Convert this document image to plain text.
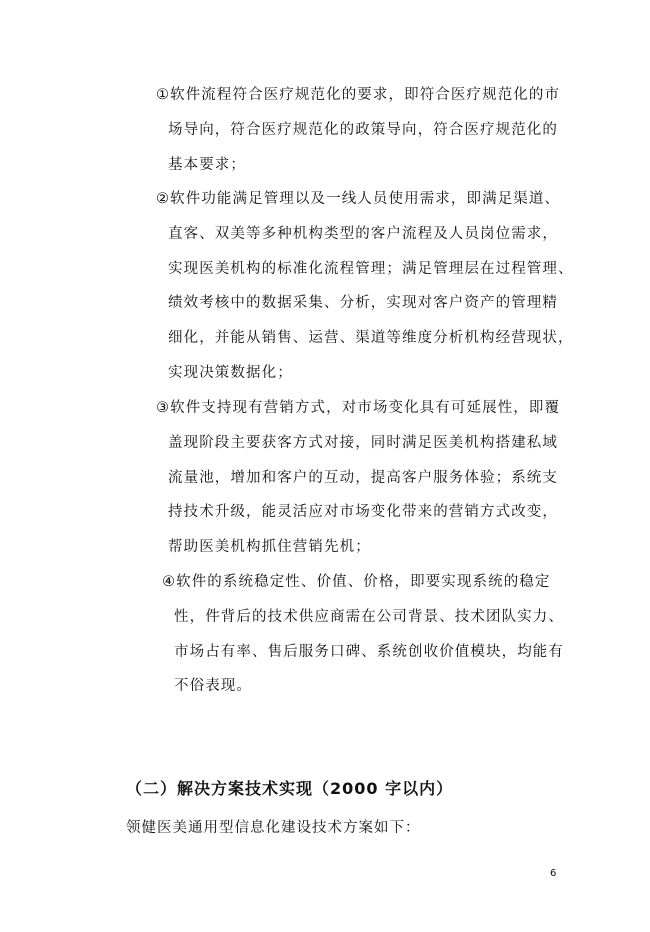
①软件流程符合医疗规范化的要求，即符合医疗规范化的市
场导向，符合医疗规范化的政策导向，符合医疗规范化的
基本要求；
②软件功能满足管理以及一线人员使用需求，即满足渠道、
直客、双美等多种机构类型的客户流程及人员岗位需求，
实现医美机构的标准化流程管理；满足管理层在过程管理、
绩效考核中的数据采集、分析，实现对客户资产的管理精
细化，并能从销售、运营、渠道等维度分析机构经营现状，
实现决策数据化；
③软件支持现有营销方式，对市场变化具有可延展性，即覆
盖现阶段主要获客方式对接，同时满足医美机构搭建私域
流量池，增加和客户的互动，提高客户服务体验；系统支
持技术升级，能灵活应对市场变化带来的营销方式改变，
帮助医美机构抓住营销先机；
④软件的系统稳定性、价值、价格，即要实现系统的稳定
性，件背后的技术供应商需在公司背景、技术团队实力、
市场占有率、售后服务口碑、系统创收价值模块，均能有
不俗表现。
（二）解决方案技术实现（2000 字以内）
领健医美通用型信息化建设技术方案如下：
6
